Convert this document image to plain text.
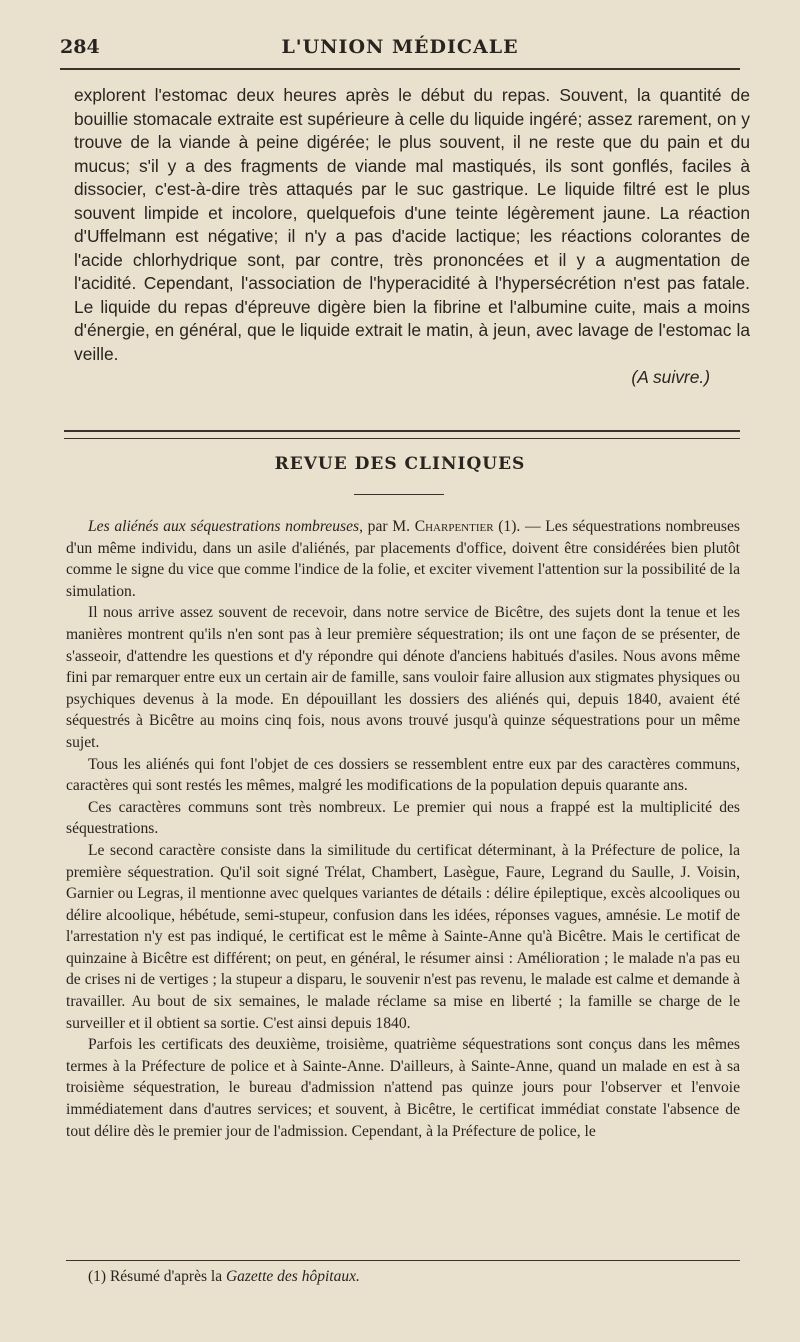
284	L'UNION MÉDICALE

explorent l'estomac deux heures après le début du repas. Souvent, la quantité de bouillie stomacale extraite est supérieure à celle du liquide ingéré; assez rarement, on y trouve de la viande à peine digérée; le plus souvent, il ne reste que du pain et du mucus; s'il y a des fragments de viande mal mastiqués, ils sont gonflés, faciles à dissocier, c'est-à-dire très attaqués par le suc gastrique. Le liquide filtré est le plus souvent limpide et incolore, quelquefois d'une teinte légèrement jaune. La réaction d'Uffelmann est négative; il n'y a pas d'acide lactique; les réactions colorantes de l'acide chlorhydrique sont, par contre, très prononcées et il y a augmentation de l'acidité. Cependant, l'association de l'hyperacidité à l'hypersécrétion n'est pas fatale. Le liquide du repas d'épreuve digère bien la fibrine et l'albumine cuite, mais a moins d'énergie, en général, que le liquide extrait le matin, à jeun, avec lavage de l'estomac la veille.

(A suivre.)

REVUE DES CLINIQUES

Les aliénés aux séquestrations nombreuses, par M. Charpentier (1). — Les séquestrations nombreuses d'un même individu, dans un asile d'aliénés, par placements d'office, doivent être considérées bien plutôt comme le signe du vice que comme l'indice de la folie, et exciter vivement l'attention sur la possibilité de la simulation.

Il nous arrive assez souvent de recevoir, dans notre service de Bicêtre, des sujets dont la tenue et les manières montrent qu'ils n'en sont pas à leur première séquestration; ils ont une façon de se présenter, de s'asseoir, d'attendre les questions et d'y répondre qui dénote d'anciens habitués d'asiles. Nous avons même fini par remarquer entre eux un certain air de famille, sans vouloir faire allusion aux stigmates physiques ou psychiques devenus à la mode. En dépouillant les dossiers des aliénés qui, depuis 1840, avaient été séquestrés à Bicêtre au moins cinq fois, nous avons trouvé jusqu'à quinze séquestrations pour un même sujet.

Tous les aliénés qui font l'objet de ces dossiers se ressemblent entre eux par des caractères communs, caractères qui sont restés les mêmes, malgré les modifications de la population depuis quarante ans.

Ces caractères communs sont très nombreux. Le premier qui nous a frappé est la multiplicité des séquestrations.

Le second caractère consiste dans la similitude du certificat déterminant, à la Préfecture de police, la première séquestration. Qu'il soit signé Trélat, Chambert, Lasègue, Faure, Legrand du Saulle, J. Voisin, Garnier ou Legras, il mentionne avec quelques variantes de détails : délire épileptique, excès alcooliques ou délire alcoolique, hébétude, semi-stupeur, confusion dans les idées, réponses vagues, amnésie. Le motif de l'arrestation n'y est pas indiqué, le certificat est le même à Sainte-Anne qu'à Bicêtre. Mais le certificat de quinzaine à Bicêtre est différent; on peut, en général, le résumer ainsi : Amélioration ; le malade n'a pas eu de crises ni de vertiges ; la stupeur a disparu, le souvenir n'est pas revenu, le malade est calme et demande à travailler. Au bout de six semaines, le malade réclame sa mise en liberté ; la famille se charge de le surveiller et il obtient sa sortie. C'est ainsi depuis 1840.

Parfois les certificats des deuxième, troisième, quatrième séquestrations sont conçus dans les mêmes termes à la Préfecture de police et à Sainte-Anne. D'ailleurs, à Sainte-Anne, quand un malade en est à sa troisième séquestration, le bureau d'admission n'attend pas quinze jours pour l'observer et l'envoie immédiatement dans d'autres services; et souvent, à Bicêtre, le certificat immédiat constate l'absence de tout délire dès le premier jour de l'admission. Cependant, à la Préfecture de police, le

(1) Résumé d'après la Gazette des hôpitaux.
